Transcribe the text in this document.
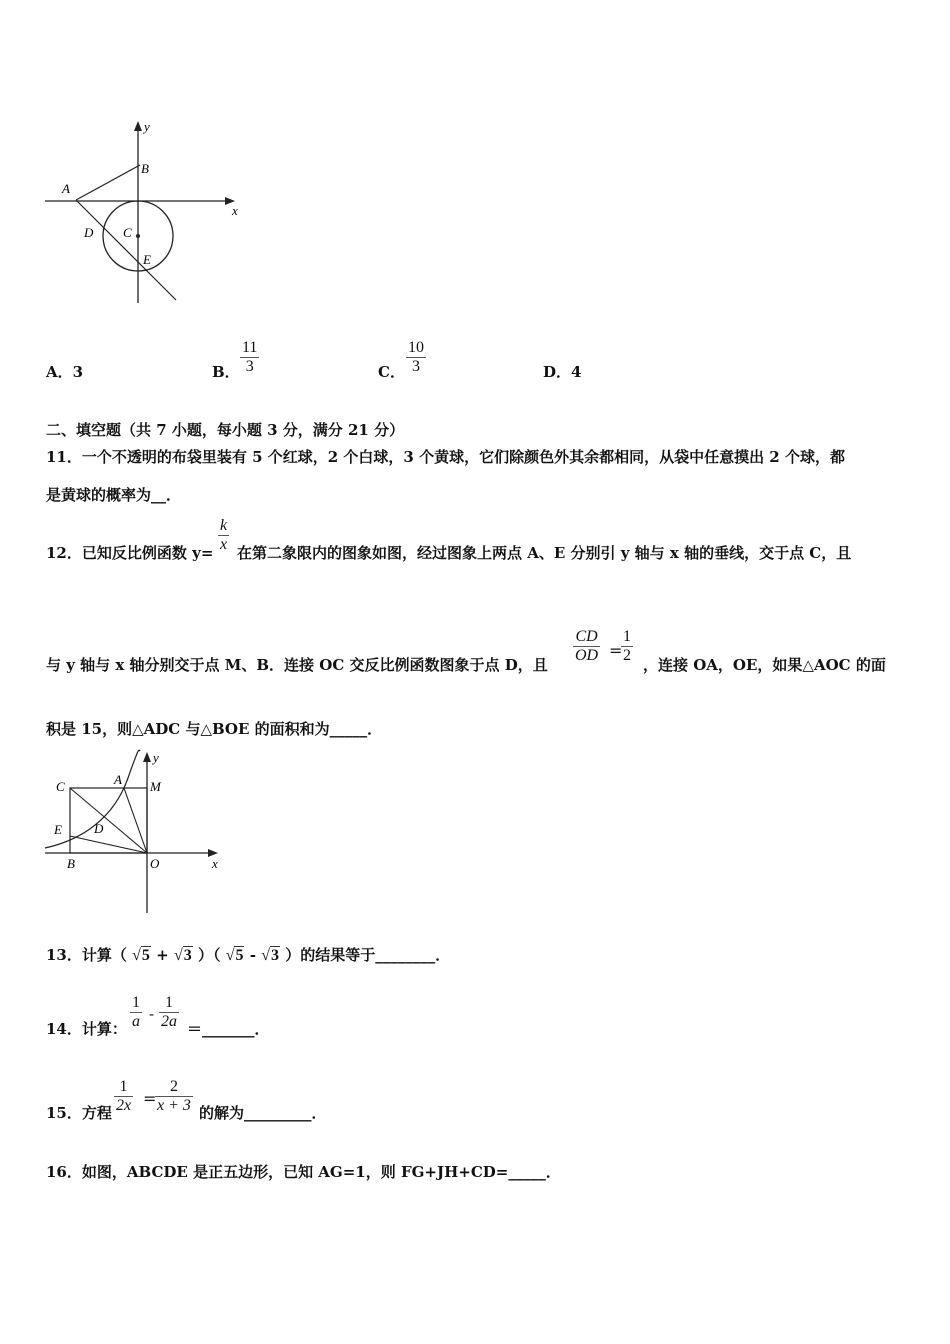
y
x
A
B
C
D
E
A．3	B． $\frac{11}{3}$	C． $\frac{10}{3}$	D．4
二、填空题（共 7 小题，每小题 3 分，满分 21 分）
11．一个不透明的布袋里装有 5 个红球，2 个白球，3 个黄球，它们除颜色外其余都相同，从袋中任意摸出 2 个球，都
是黄球的概率为__．
12．已知反比例函数 $y= \frac{k}{x}$ 在第二象限内的图象如图，经过图象上两点 A、E 分别引 y 轴与 x 轴的垂线，交于点 C，且
与 y 轴与 x 轴分别交于点 M、B．连接 OC 交反比例函数图象于点 D，且 $\frac{CD}{OD}$ =
$\frac{1}{2}$ ，连接 OA，OE，如果△AOC 的面
积是 15，则△ADC 与△BOE 的面积和为_____．
y
x
C	A M
E D
B	O
13．计算（ √5 + √3 ）（ √5 - √3 ）的结果等于________．
14．计算： $\frac{1}{a} - \frac{1}{2a}$ ＝_______．
15．方程 $\frac{1}{2x}$ =
$\frac{2}{x + 3}$ 的解为_________．
16．如图，ABCDE 是正五边形，已知 AG=1，则 FG+JH+CD=_____．
